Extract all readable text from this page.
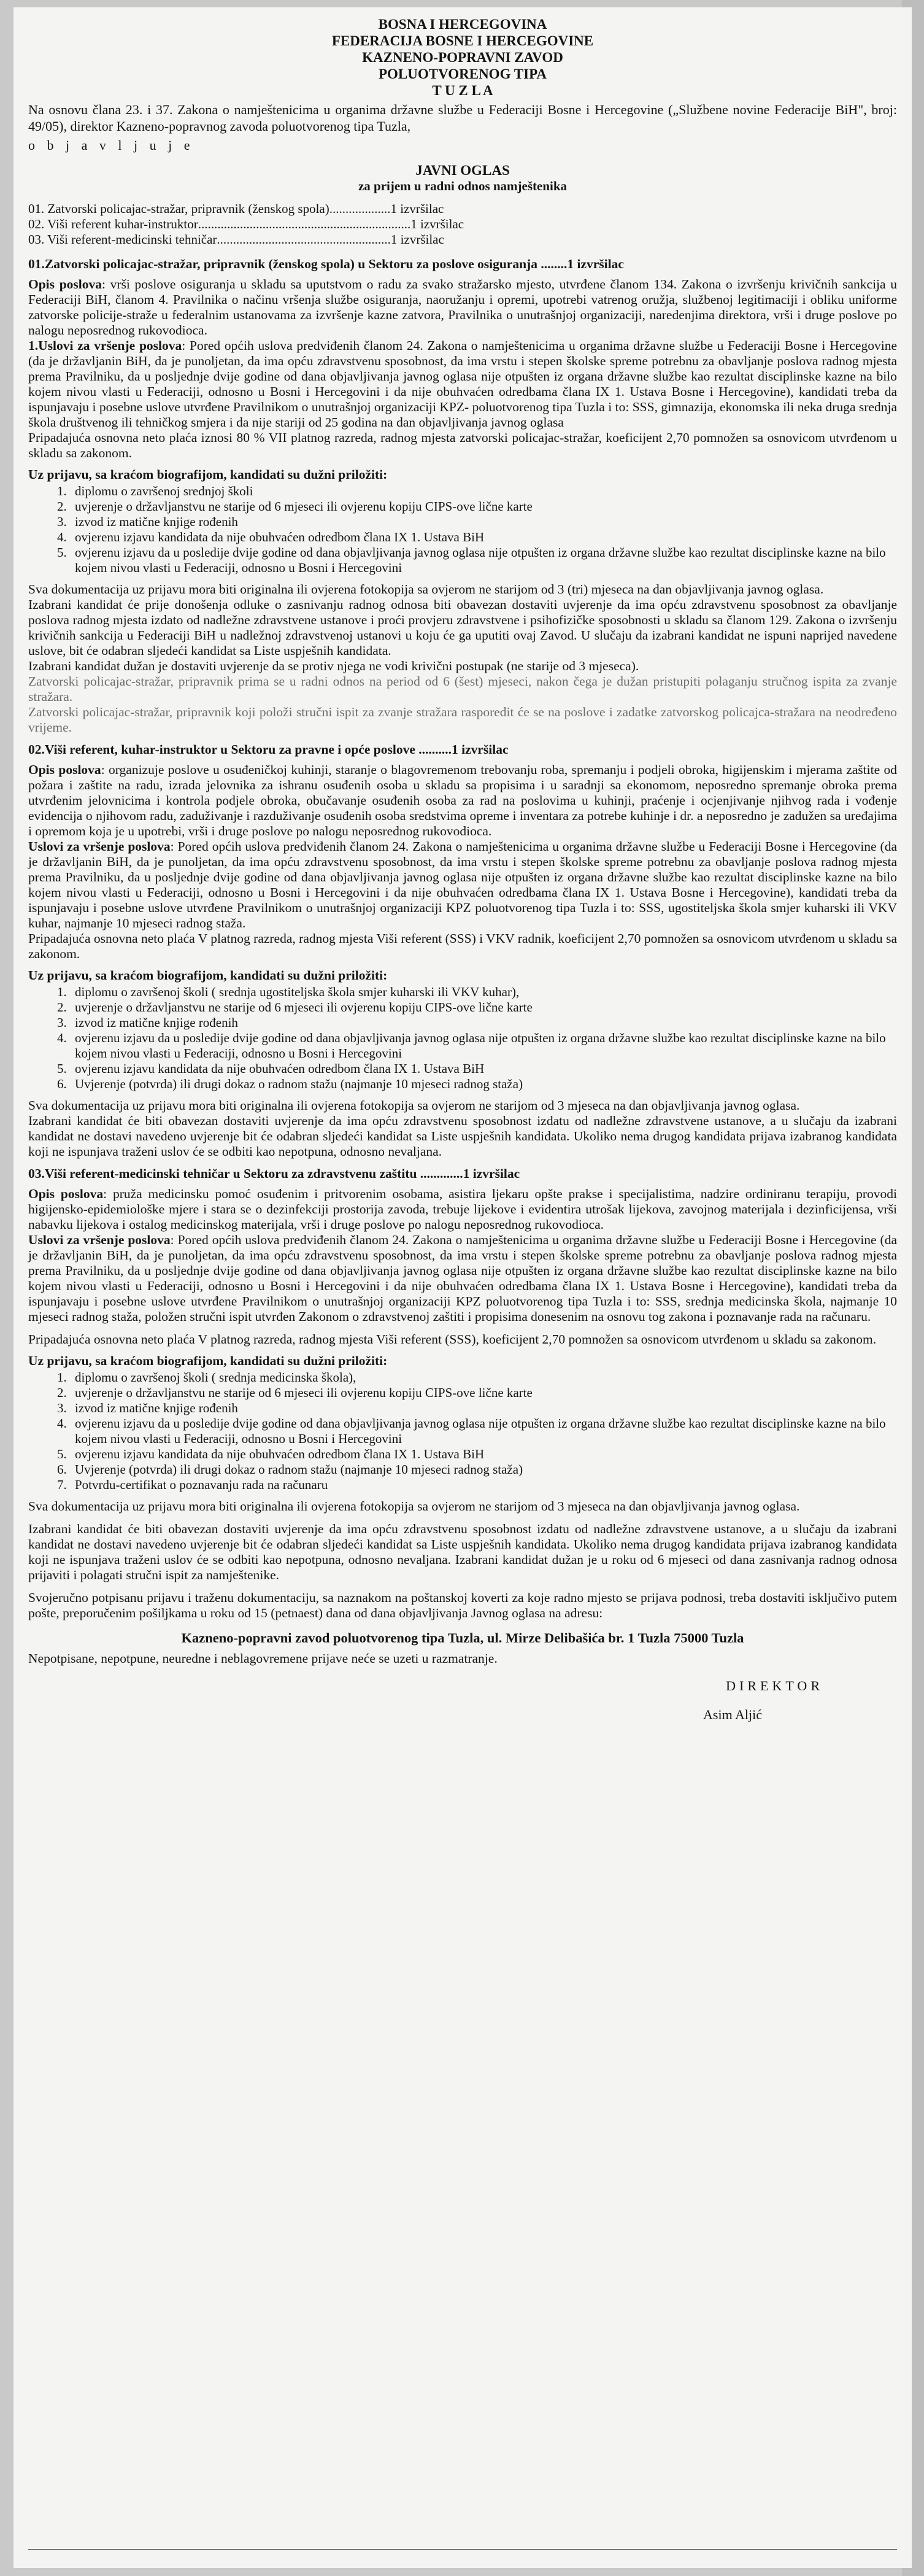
BOSNA I HERCEGOVINA

FEDERACIJA BOSNE I HERCEGOVINE

KAZNENO-POPRAVNI ZAVOD

POLUOTVORENOG TIPA

T U Z L A

Na osnovu člana 23. i 37. Zakona o namještenicima u organima državne službe u Federaciji Bosne i Hercegovine („Službene novine Federacije BiH", broj: 49/05), direktor Kazneno-popravnog zavoda poluotvorenog tipa Tuzla,

o b j a v l j u j e

JAVNI OGLAS

za prijem u radni odnos namještenika

01. Zatvorski policajac-stražar, pripravnik (ženskog spola) ................... 1 izvršilac
02. Viši referent kuhar-instruktor .................................................................. 1 izvršilac
03. Viši referent-medicinski tehničar ...................................................... 1 izvršilac

01.Zatvorski policajac-stražar, pripravnik (ženskog spola) u Sektoru za poslove osiguranja ........1 izvršilac

Opis poslova: vrši poslove osiguranja u skladu sa uputstvom o radu za svako stražarsko mjesto, utvrđene članom 134. Zakona o izvršenju krivičnih sankcija u Federaciji BiH, članom 4. Pravilnika o načinu vršenja službe osiguranja, naoružanju i opremi, upotrebi vatrenog oružja, službenoj legitimaciji i obliku uniforme zatvorske policije-straže u federalnim ustanovama za izvršenje kazne zatvora, Pravilnika o unutrašnjoj organizaciji, naredenjima direktora, vrši i druge poslove po nalogu neposrednog rukovodioca.

1.Uslovi za vršenje poslova: Pored općih uslova predviđenih članom 24. Zakona o namještenicima u organima državne službe u Federaciji Bosne i Hercegovine (da je državljanin BiH, da je punoljetan, da ima opću zdravstvenu sposobnost, da ima vrstu i stepen školske spreme potrebnu za obavljanje poslova radnog mjesta prema Pravilniku, da u posljednje dvije godine od dana objavljivanja javnog oglasa nije otpušten iz organa državne službe kao rezultat disciplinske kazne na bilo kojem nivou vlasti u Federaciji, odnosno u Bosni i Hercegovini i da nije obuhvaćen odredbama člana IX 1. Ustava Bosne i Hercegovine), kandidati treba da ispunjavaju i posebne uslove utvrđene Pravilnikom o unutrašnjoj organizaciji KPZ- poluotvorenog tipa Tuzla i to: SSS, gimnazija, ekonomska ili neka druga srednja škola društvenog ili tehničkog smjera i da nije stariji od 25 godina na dan objavljivanja javnog oglasa

Pripadajuća osnovna neto plaća iznosi 80 % VII platnog razreda, radnog mjesta zatvorski policajac-stražar, koeficijent 2,70 pomnožen sa osnovicom utvrđenom u skladu sa zakonom.

Uz prijavu, sa kraćom biografijom, kandidati su dužni priložiti:

1. diplomu o završenoj srednjoj školi
2. uvjerenje o državljanstvu ne starije od 6 mjeseci ili ovjerenu kopiju CIPS-ove lične karte
3. izvod iz matične knjige rođenih
4. ovjerenu izjavu kandidata da nije obuhvaćen odredbom člana IX 1. Ustava BiH
5. ovjerenu izjavu da u posledije dvije godine od dana objavljivanja javnog oglasa nije otpušten iz organa državne službe kao rezultat disciplinske kazne na bilo kojem nivou vlasti u Federaciji, odnosno u Bosni i Hercegovini

Sva dokumentacija uz prijavu mora biti originalna ili ovjerena fotokopija sa ovjerom ne starijom od 3 (tri) mjeseca na dan objavljivanja javnog oglasa.

Izabrani kandidat će prije donošenja odluke o zasnivanju radnog odnosa biti obavezan dostaviti uvjerenje da ima opću zdravstvenu sposobnost za obavljanje poslova radnog mjesta izdato od nadležne zdravstvene ustanove i proći provjeru zdravstvene i psihofizičke sposobnosti u skladu sa članom 129. Zakona o izvršenju krivičnih sankcija u Federaciji BiH u nadležnoj zdravstvenoj ustanovi u koju će ga uputiti ovaj Zavod. U slučaju da izabrani kandidat ne ispuni naprijed navedene uslove, bit će odabran sljedeći kandidat sa Liste uspješnih kandidata.

Izabrani kandidat dužan je dostaviti uvjerenje da se protiv njega ne vodi krivični postupak (ne starije od 3 mjeseca).

Zatvorski policajac-stražar, pripravnik prima se u radni odnos na period od 6 (šest) mjeseci, nakon čega je dužan pristupiti polaganju stručnog ispita za zvanje stražara.

Zatvorski policajac-stražar, pripravnik koji položi stručni ispit za zvanje stražara rasporedit će se na poslove i zadatke zatvorskog policajca-stražara na neodređeno vrijeme.

02.Viši referent, kuhar-instruktor u Sektoru za pravne i opće poslove ..........1 izvršilac

Opis poslova: organizuje poslove u osuđeničkoj kuhinji, staranje o blagovremenom trebovanju roba, spremanju i podjeli obroka, higijenskim i mjerama zaštite od požara i zaštite na radu, izrada jelovnika za ishranu osuđenih osoba u skladu sa propisima i u saradnji sa ekonomom, neposredno spremanje obroka prema utvrđenim jelovnicima i kontrola podjele obroka, obučavanje osuđenih osoba za rad na poslovima u kuhinji, praćenje i ocjenjivanje njihvog rada i vođenje evidencija o njihovom radu, zaduživanje i razduživanje osuđenih osoba sredstvima opreme i inventara za potrebe kuhinje i dr. a neposredno je zadužen sa uređajima i opremom koja je u upotrebi, vrši i druge poslove po nalogu neposrednog rukovodioca.

Uslovi za vršenje poslova: Pored općih uslova predviđenih članom 24. Zakona o namještenicima u organima državne službe u Federaciji Bosne i Hercegovine (da je državljanin BiH, da je punoljetan, da ima opću zdravstvenu sposobnost, da ima vrstu i stepen školske spreme potrebnu za obavljanje poslova radnog mjesta prema Pravilniku, da u posljednje dvije godine od dana objavljivanja javnog oglasa nije otpušten iz organa državne službe kao rezultat disciplinske kazne na bilo kojem nivou vlasti u Federaciji, odnosno u Bosni i Hercegovini i da nije obuhvaćen odredbama člana IX 1. Ustava Bosne i Hercegovine), kandidati treba da ispunjavaju i posebne uslove utvrđene Pravilnikom o unutrašnjoj organizaciji KPZ poluotvorenog tipa Tuzla i to: SSS, ugostiteljska škola smjer kuharski ili VKV kuhar, najmanje 10 mjeseci radnog staža.

Pripadajuća osnovna neto plaća V platnog razreda, radnog mjesta Viši referent (SSS) i VKV radnik, koeficijent 2,70 pomnožen sa osnovicom utvrđenom u skladu sa zakonom.

Uz prijavu, sa kraćom biografijom, kandidati su dužni priložiti:

1. diplomu o završenoj školi ( srednja ugostiteljska škola smjer kuharski ili VKV kuhar),
2. uvjerenje o državljanstvu ne starije od 6 mjeseci ili ovjerenu kopiju CIPS-ove lične karte
3. izvod iz matične knjige rođenih
4. ovjerenu izjavu da u posledije dvije godine od dana objavljivanja javnog oglasa nije otpušten iz organa državne službe kao rezultat disciplinske kazne na bilo kojem nivou vlasti u Federaciji, odnosno u Bosni i Hercegovini
5. ovjerenu izjavu kandidata da nije obuhvaćen odredbom člana IX 1. Ustava BiH
6. Uvjerenje (potvrda) ili drugi dokaz o radnom stažu (najmanje 10 mjeseci radnog staža)

Sva dokumentacija uz prijavu mora biti originalna ili ovjerena fotokopija sa ovjerom ne starijom od 3 mjeseca na dan objavljivanja javnog oglasa.

Izabrani kandidat će biti obavezan dostaviti uvjerenje da ima opću zdravstvenu sposobnost izdatu od nadležne zdravstvene ustanove, a u slučaju da izabrani kandidat ne dostavi navedeno uvjerenje bit će odabran sljedeći kandidat sa Liste uspješnih kandidata. Ukoliko nema drugog kandidata prijava izabranog kandidata koji ne ispunjava traženi uslov će se odbiti kao nepotpuna, odnosno nevaljana.

03.Viši referent-medicinski tehničar u Sektoru za zdravstvenu zaštitu .............1 izvršilac

Opis poslova: pruža medicinsku pomoć osuđenim i pritvorenim osobama, asistira ljekaru opšte prakse i specijalistima, nadzire ordiniranu terapiju, provodi higijensko-epidemiološke mjere i stara se o dezinfekciji prostorija zavoda, trebuje lijekove i evidentira utrošak lijekova, zavojnog materijala i dezinficijensa, vrši nabavku lijekova i ostalog medicinskog materijala, vrši i druge poslove po nalogu neposrednog rukovodioca.

Uslovi za vršenje poslova: Pored općih uslova predviđenih članom 24. Zakona o namještenicima u organima državne službe u Federaciji Bosne i Hercegovine (da je državljanin BiH, da je punoljetan, da ima opću zdravstvenu sposobnost, da ima vrstu i stepen školske spreme potrebnu za obavljanje poslova radnog mjesta prema Pravilniku, da u posljednje dvije godine od dana objavljivanja javnog oglasa nije otpušten iz organa državne službe kao rezultat disciplinske kazne na bilo kojem nivou vlasti u Federaciji, odnosno u Bosni i Hercegovini i da nije obuhvaćen odredbama člana IX 1. Ustava Bosne i Hercegovine), kandidati treba da ispunjavaju i posebne uslove utvrđene Pravilnikom o unutrašnjoj organizaciji KPZ poluotvorenog tipa Tuzla i to: SSS, srednja medicinska škola, najmanje 10 mjeseci radnog staža, položen stručni ispit utvrđen Zakonom o zdravstvenoj zaštiti i propisima donesenim na osnovu tog zakona i poznavanje rada na računaru.

Pripadajuća osnovna neto plaća V platnog razreda, radnog mjesta Viši referent (SSS), koeficijent 2,70 pomnožen sa osnovicom utvrđenom u skladu sa zakonom.

Uz prijavu, sa kraćom biografijom, kandidati su dužni priložiti:

1. diplomu o završenoj školi ( srednja medicinska škola),
2. uvjerenje o državljanstvu ne starije od 6 mjeseci ili ovjerenu kopiju CIPS-ove lične karte
3. izvod iz matične knjige rođenih
4. ovjerenu izjavu da u posledije dvije godine od dana objavljivanja javnog oglasa nije otpušten iz organa državne službe kao rezultat disciplinske kazne na bilo kojem nivou vlasti u Federaciji, odnosno u Bosni i Hercegovini
5. ovjerenu izjavu kandidata da nije obuhvaćen odredbom člana IX 1. Ustava BiH
6. Uvjerenje (potvrda) ili drugi dokaz o radnom stažu (najmanje 10 mjeseci radnog staža)
7. Potvrdu-certifikat o poznavanju rada na računaru

Sva dokumentacija uz prijavu mora biti originalna ili ovjerena fotokopija sa ovjerom ne starijom od 3 mjeseca na dan objavljivanja javnog oglasa.

Izabrani kandidat će biti obavezan dostaviti uvjerenje da ima opću zdravstvenu sposobnost izdatu od nadležne zdravstvene ustanove, a u slučaju da izabrani kandidat ne dostavi navedeno uvjerenje bit će odabran sljedeći kandidat sa Liste uspješnih kandidata. Ukoliko nema drugog kandidata prijava izabranog kandidata koji ne ispunjava traženi uslov će se odbiti kao nepotpuna, odnosno nevaljana. Izabrani kandidat dužan je u roku od 6 mjeseci od dana zasnivanja radnog odnosa prijaviti i polagati stručni ispit za namještenike.

Svojeručno potpisanu prijavu i traženu dokumentaciju, sa naznakom na poštanskoj koverti za koje radno mjesto se prijava podnosi, treba dostaviti isključivo putem pošte, preporučenim pošiljkama u roku od 15 (petnaest) dana od dana objavljivanja Javnog oglasa na adresu:

Kazneno-popravni zavod poluotvorenog tipa Tuzla, ul. Mirze Delibašića br. 1 Tuzla 75000 Tuzla

Nepotpisane, nepotpune, neuredne i neblagovremene prijave neće se uzeti u razmatranje.

DIREKTOR

Asim Aljić
